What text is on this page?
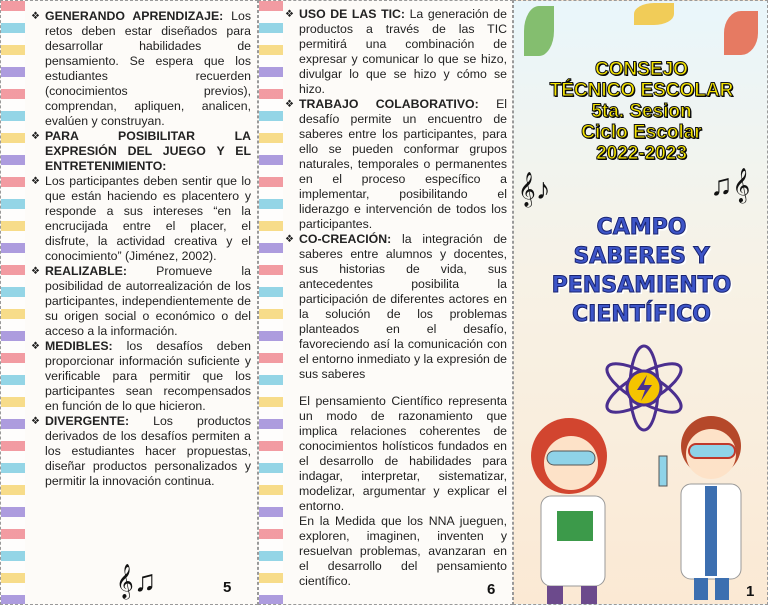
❖ GENERANDO APRENDIZAJE: Los retos deben estar diseñados para desarrollar habilidades de pensamiento. Se espera que los estudiantes recuerden (conocimientos previos), comprendan, apliquen, analicen, evalúen y construyan.
❖ PARA POSIBILITAR LA EXPRESIÓN DEL JUEGO Y EL ENTRETENIMIENTO:
❖ Los participantes deben sentir que lo que están haciendo es placentero y responde a sus intereses “en la encrucijada entre el placer, el disfrute, la actividad creativa y el conocimiento” (Jiménez, 2002).
❖ REALIZABLE: Promueve la posibilidad de autorrealización de los participantes, independientemente de su origen social o económico o del acceso a la información.
❖ MEDIBLES: los desafíos deben proporcionar información suficiente y verificable para permitir que los participantes sean recompensados en función de lo que hicieron.
❖ DIVERGENTE: Los productos derivados de los desafíos permiten a los estudiantes hacer propuestas, diseñar productos personalizados y permitir la innovación continua.
𝄞♫	5
❖ USO DE LAS TIC: La generación de productos a través de las TIC permitirá una combinación de expresar y comunicar lo que se hizo, divulgar lo que se hizo y cómo se hizo.
❖ TRABAJO COLABORATIVO: El desafío permite un encuentro de saberes entre los participantes, para ello se pueden conformar grupos naturales, temporales o permanentes en el proceso específico a implementar, posibilitando el liderazgo e intervención de todos los participantes.
❖ CO-CREACIÓN: la integración de saberes entre alumnos y docentes, sus historias de vida, sus antecedentes posibilita la participación de diferentes actores en la solución de los problemas planteados en el desafío, favoreciendo así la comunicación con el entorno inmediato y la expresión de sus saberes
El pensamiento Científico representa un modo de razonamiento que implica relaciones coherentes de conocimientos holísticos fundados en el desarrollo de habilidades para indagar, interpretar, sistematizar, modelizar, argumentar y explicar el entorno.
En la Medida que los NNA jueguen, exploren, imaginen, inventen y resuelvan problemas, avanzaran en el desarrollo del pensamiento científico.	6
CONSEJO
TÉCNICO ESCOLAR
5ta. Sesion
Ciclo Escolar
2022-2023
𝄞♪	♫𝄞
CAMPO
SABERES Y
PENSAMIENTO
CIENTÍFICO
1
